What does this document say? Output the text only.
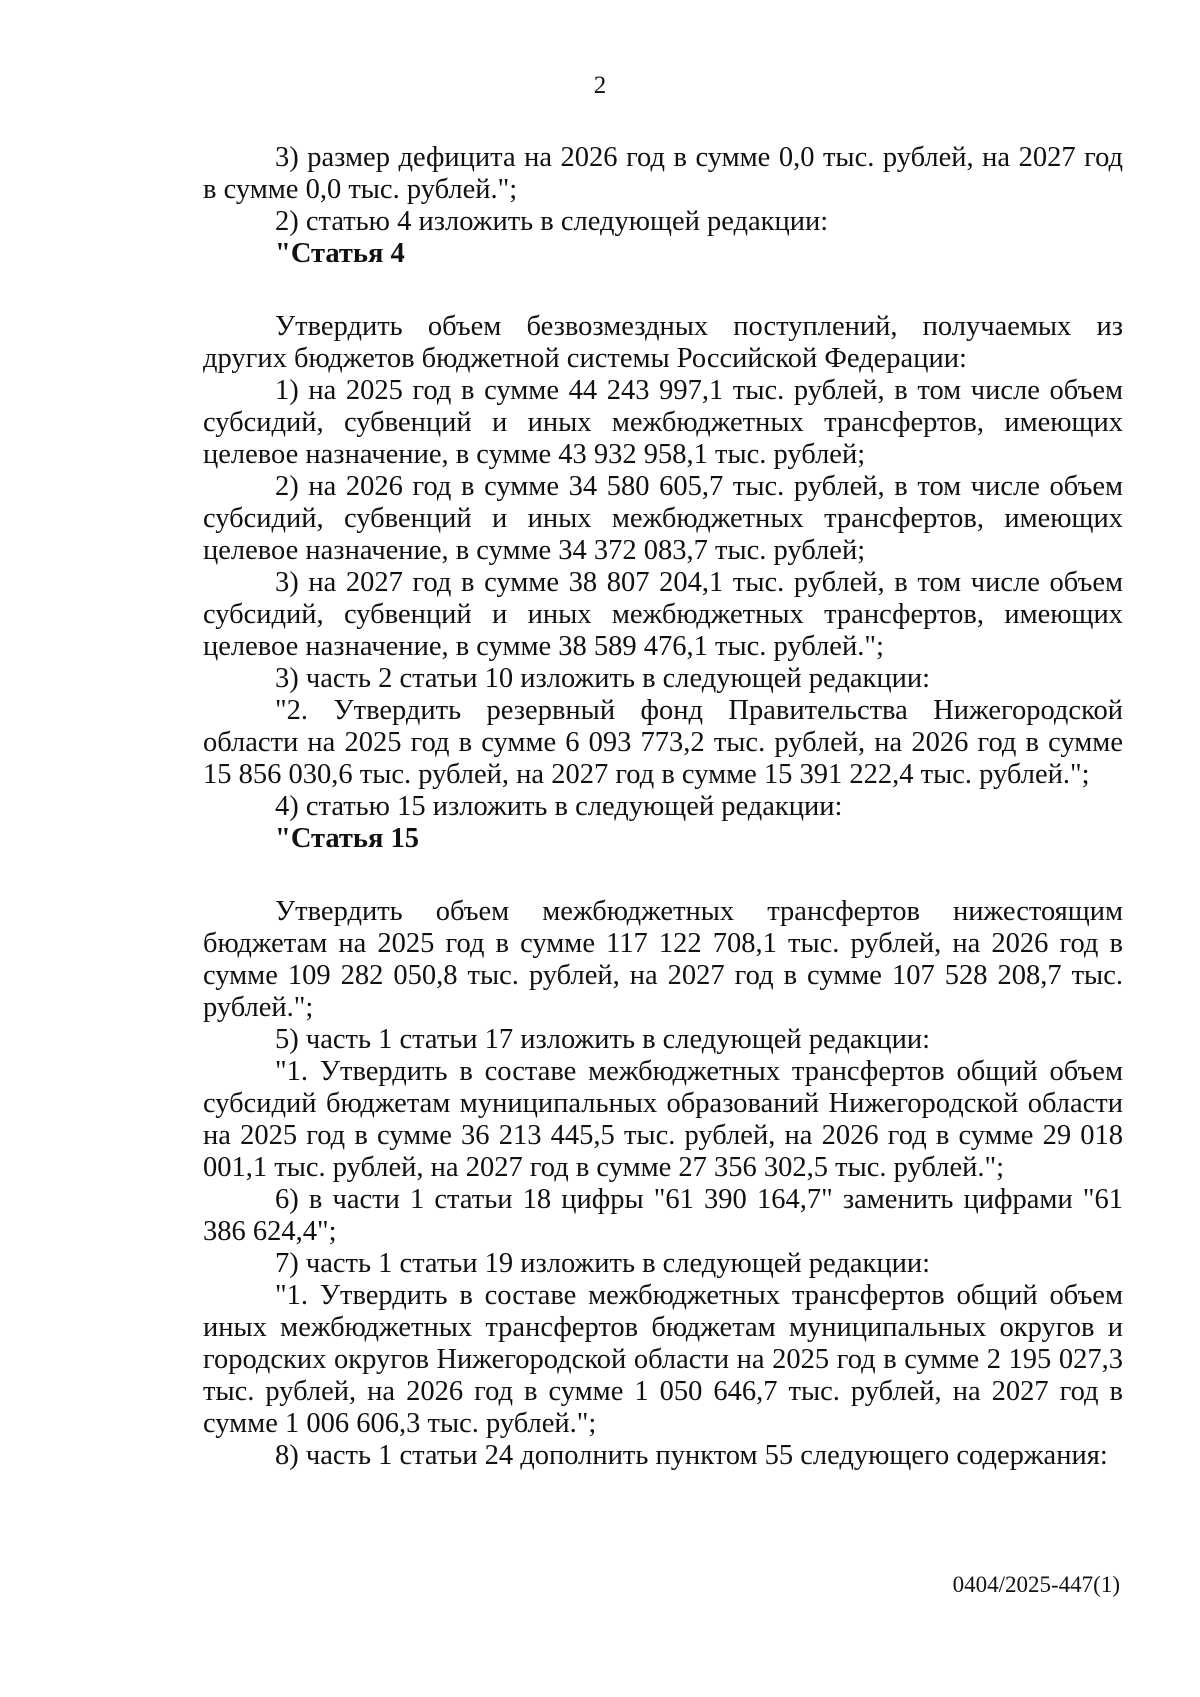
2

3) размер дефицита на 2026 год в сумме 0,0 тыс. рублей, на 2027 год в сумме 0,0 тыс. рублей.";

2) статью 4 изложить в следующей редакции:

"Статья 4

Утвердить объем безвозмездных поступлений, получаемых из других бюджетов бюджетной системы Российской Федерации:

1) на 2025 год в сумме 44 243 997,1 тыс. рублей, в том числе объем субсидий, субвенций и иных межбюджетных трансфертов, имеющих целевое назначение, в сумме 43 932 958,1 тыс. рублей;

2) на 2026 год в сумме 34 580 605,7 тыс. рублей, в том числе объем субсидий, субвенций и иных межбюджетных трансфертов, имеющих целевое назначение, в сумме 34 372 083,7 тыс. рублей;

3) на 2027 год в сумме 38 807 204,1 тыс. рублей, в том числе объем субсидий, субвенций и иных межбюджетных трансфертов, имеющих целевое назначение, в сумме 38 589 476,1 тыс. рублей.";

3) часть 2 статьи 10 изложить в следующей редакции:

"2. Утвердить резервный фонд Правительства Нижегородской области на 2025 год в сумме 6 093 773,2 тыс. рублей, на 2026 год в сумме 15 856 030,6 тыс. рублей, на 2027 год в сумме 15 391 222,4 тыс. рублей.";

4) статью 15 изложить в следующей редакции:

"Статья 15

Утвердить объем межбюджетных трансфертов нижестоящим бюджетам на 2025 год в сумме 117 122 708,1 тыс. рублей, на 2026 год в сумме 109 282 050,8 тыс. рублей, на 2027 год в сумме 107 528 208,7 тыс. рублей.";

5) часть 1 статьи 17 изложить в следующей редакции:

"1. Утвердить в составе межбюджетных трансфертов общий объем субсидий бюджетам муниципальных образований Нижегородской области на 2025 год в сумме 36 213 445,5 тыс. рублей, на 2026 год в сумме 29 018 001,1 тыс. рублей, на 2027 год в сумме 27 356 302,5 тыс. рублей.";

6) в части 1 статьи 18 цифры "61 390 164,7" заменить цифрами "61 386 624,4";

7) часть 1 статьи 19 изложить в следующей редакции:

"1. Утвердить в составе межбюджетных трансфертов общий объем иных межбюджетных трансфертов бюджетам муниципальных округов и городских округов Нижегородской области на 2025 год в сумме 2 195 027,3 тыс. рублей, на 2026 год в сумме 1 050 646,7 тыс. рублей, на 2027 год в сумме 1 006 606,3 тыс. рублей.";

8) часть 1 статьи 24 дополнить пунктом 55 следующего содержания:

0404/2025-447(1)
